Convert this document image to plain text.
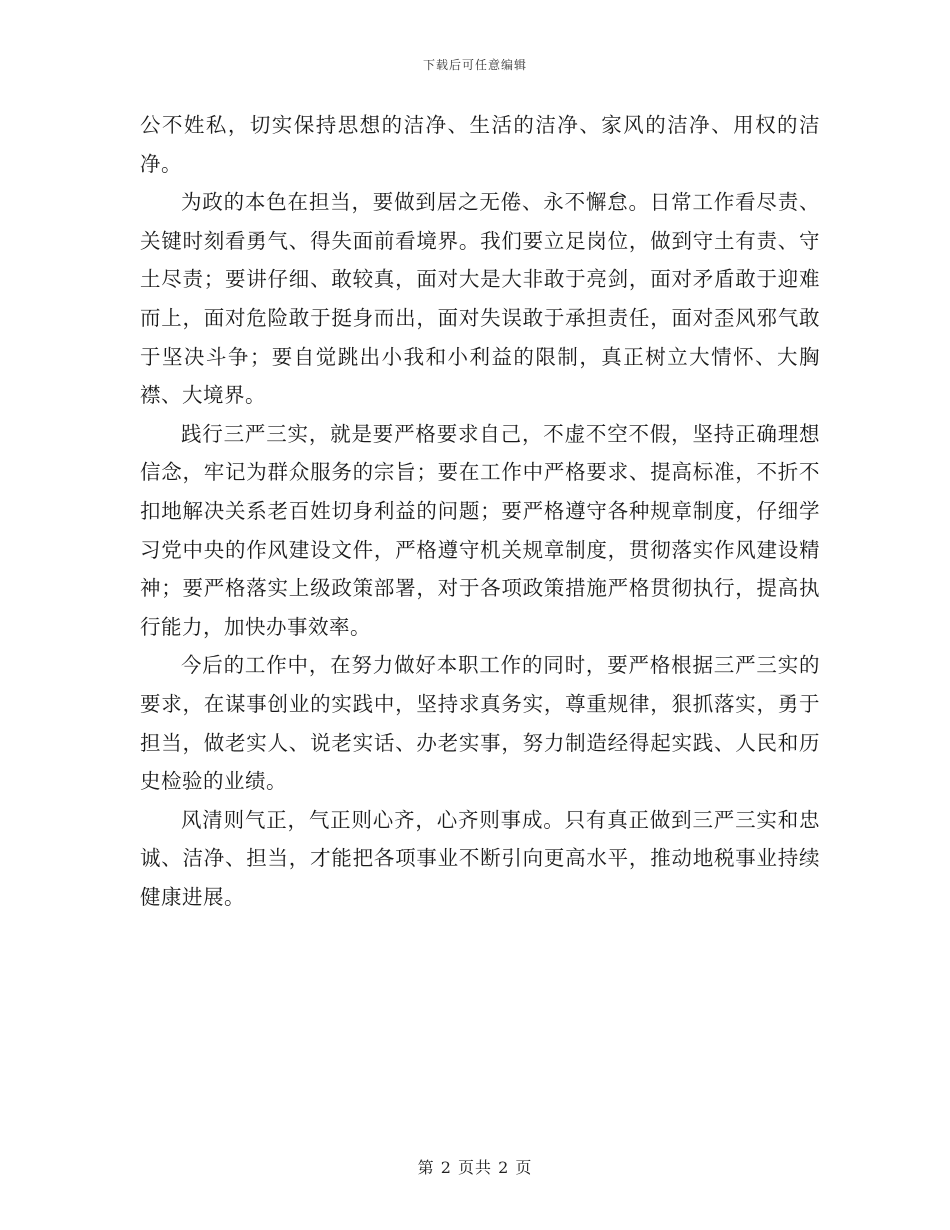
下载后可任意编辑

公不姓私，切实保持思想的洁净、生活的洁净、家风的洁净、用权的洁净。

为政的本色在担当，要做到居之无倦、永不懈怠。日常工作看尽责、关键时刻看勇气、得失面前看境界。我们要立足岗位，做到守土有责、守土尽责；要讲仔细、敢较真，面对大是大非敢于亮剑，面对矛盾敢于迎难而上，面对危险敢于挺身而出，面对失误敢于承担责任，面对歪风邪气敢于坚决斗争；要自觉跳出小我和小利益的限制，真正树立大情怀、大胸襟、大境界。

践行三严三实，就是要严格要求自己，不虚不空不假，坚持正确理想信念，牢记为群众服务的宗旨；要在工作中严格要求、提高标准，不折不扣地解决关系老百姓切身利益的问题；要严格遵守各种规章制度，仔细学习党中央的作风建设文件，严格遵守机关规章制度，贯彻落实作风建设精神；要严格落实上级政策部署，对于各项政策措施严格贯彻执行，提高执行能力，加快办事效率。

今后的工作中，在努力做好本职工作的同时，要严格根据三严三实的要求，在谋事创业的实践中，坚持求真务实，尊重规律，狠抓落实，勇于担当，做老实人、说老实话、办老实事，努力制造经得起实践、人民和历史检验的业绩。

风清则气正，气正则心齐，心齐则事成。只有真正做到三严三实和忠诚、洁净、担当，才能把各项事业不断引向更高水平，推动地税事业持续健康进展。

第 2 页共 2 页
